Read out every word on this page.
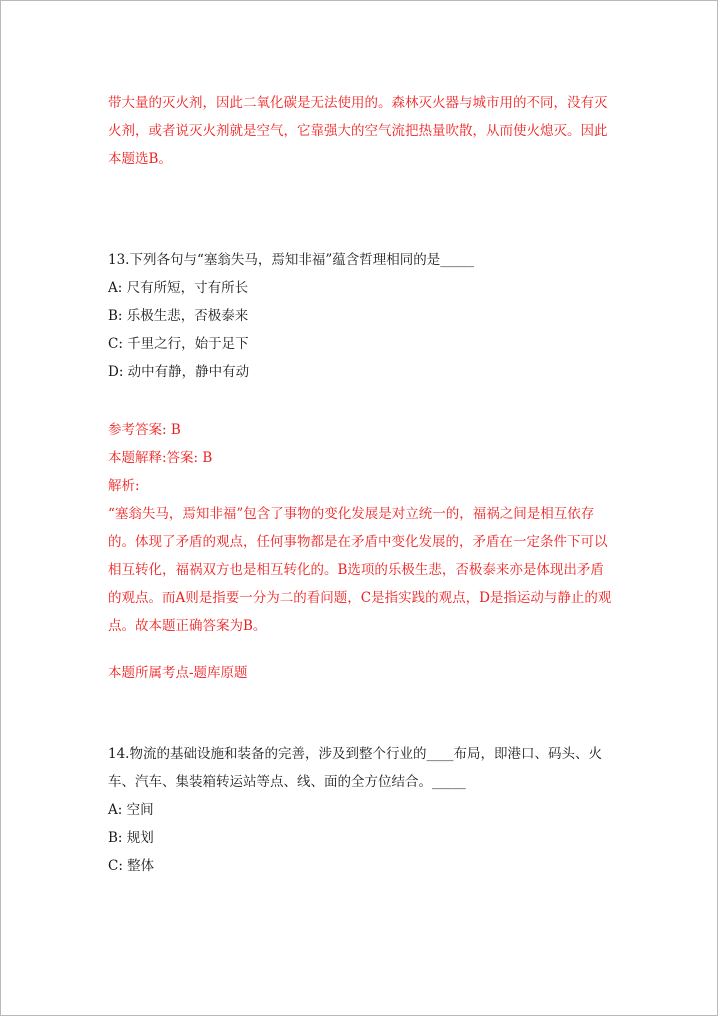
带大量的灭火剂，因此二氧化碳是无法使用的。森林灭火器与城市用的不同，没有灭火剂，或者说灭火剂就是空气，它靠强大的空气流把热量吹散，从而使火熄灭。因此本题选B。

13.下列各句与“塞翁失马，焉知非福”蕴含哲理相同的是_____

A: 尺有所短，寸有所长

B: 乐极生悲，否极泰来

C: 千里之行，始于足下

D: 动中有静，静中有动

参考答案: B

本题解释:答案: B

解析:

“塞翁失马，焉知非福”包含了事物的变化发展是对立统一的，福祸之间是相互依存的。体现了矛盾的观点，任何事物都是在矛盾中变化发展的，矛盾在一定条件下可以相互转化，福祸双方也是相互转化的。B选项的乐极生悲，否极泰来亦是体现出矛盾的观点。而A则是指要一分为二的看问题，C是指实践的观点，D是指运动与静止的观点。故本题正确答案为B。

本题所属考点-题库原题

14.物流的基础设施和装备的完善，涉及到整个行业的____布局，即港口、码头、火车、汽车、集装箱转运站等点、线、面的全方位结合。_____

A: 空间

B: 规划

C: 整体
